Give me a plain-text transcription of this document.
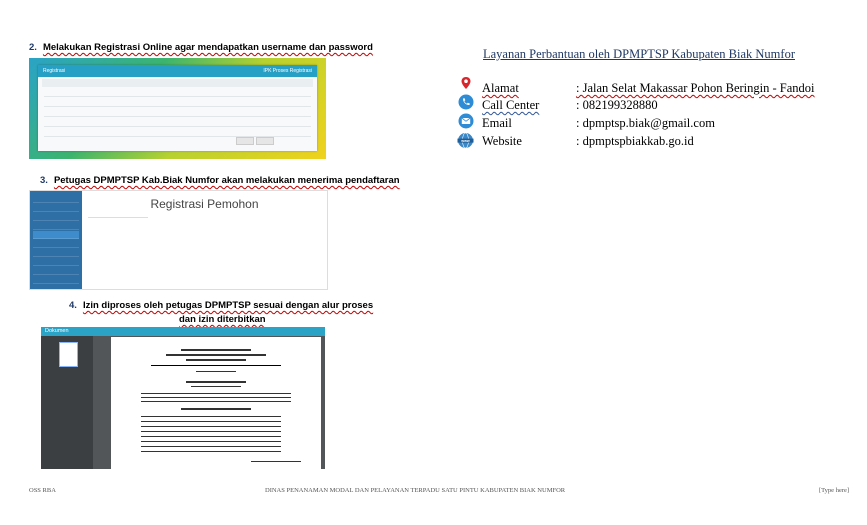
2. Melakukan Registrasi Online agar mendapatkan username dan password
Registrasi	IPK Proses Registrasi
3. Petugas DPMPTSP Kab.Biak Numfor akan melakukan menerima pendaftaran
Registrasi Pemohon
4. Izin diproses oleh petugas DPMPTSP sesuai dengan alur proses
dan izin diterbitkan
Dokumen
Layanan Perbantuan oleh DPMPTSP Kabupaten Biak Numfor
www
Alamat	: Jalan Selat Makassar Pohon Beringin - Fandoi
Call Center	: 082199328880
Email	: dpmptsp.biak@gmail.com
Website	: dpmptspbiakkab.go.id
OSS RBA	DINAS PENANAMAN MODAL DAN PELAYANAN TERPADU SATU PINTU KABUPATEN BIAK NUMFOR	[Type here]
